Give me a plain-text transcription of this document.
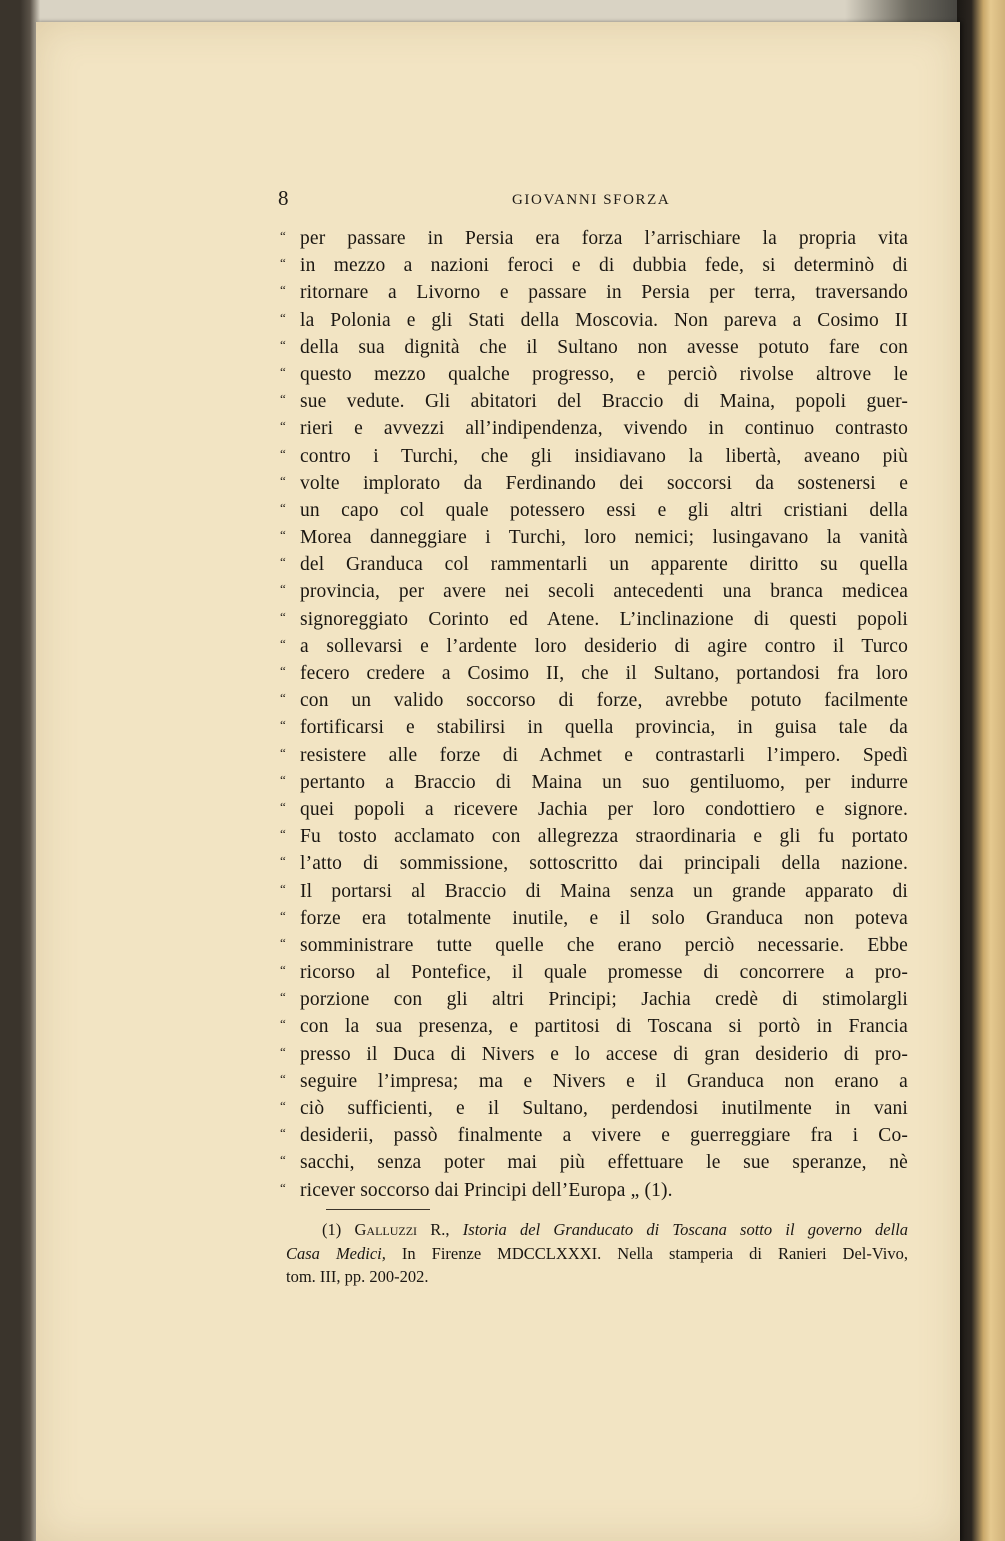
8	GIOVANNI SFORZA
“ per passare in Persia era forza l’arrischiare la propria vita
“ in mezzo a nazioni feroci e di dubbia fede, si determinò di
“ ritornare a Livorno e passare in Persia per terra, traversando
“ la Polonia e gli Stati della Moscovia. Non pareva a Cosimo II
“ della sua dignità che il Sultano non avesse potuto fare con
“ questo mezzo qualche progresso, e perciò rivolse altrove le
“ sue vedute. Gli abitatori del Braccio di Maina, popoli guer-
“ rieri e avvezzi all’indipendenza, vivendo in continuo contrasto
“ contro i Turchi, che gli insidiavano la libertà, aveano più
“ volte implorato da Ferdinando dei soccorsi da sostenersi e
“ un capo col quale potessero essi e gli altri cristiani della
“ Morea danneggiare i Turchi, loro nemici; lusingavano la vanità
“ del Granduca col rammentarli un apparente diritto su quella
“ provincia, per avere nei secoli antecedenti una branca medicea
“ signoreggiato Corinto ed Atene. L’inclinazione di questi popoli
“ a sollevarsi e l’ardente loro desiderio di agire contro il Turco
“ fecero credere a Cosimo II, che il Sultano, portandosi fra loro
“ con un valido soccorso di forze, avrebbe potuto facilmente
“ fortificarsi e stabilirsi in quella provincia, in guisa tale da
“ resistere alle forze di Achmet e contrastarli l’impero. Spedì
“ pertanto a Braccio di Maina un suo gentiluomo, per indurre
“ quei popoli a ricevere Jachia per loro condottiero e signore.
“ Fu tosto acclamato con allegrezza straordinaria e gli fu portato
“ l’atto di sommissione, sottoscritto dai principali della nazione.
“ Il portarsi al Braccio di Maina senza un grande apparato di
“ forze era totalmente inutile, e il solo Granduca non poteva
“ somministrare tutte quelle che erano perciò necessarie. Ebbe
“ ricorso al Pontefice, il quale promesse di concorrere a pro-
“ porzione con gli altri Principi; Jachia credè di stimolargli
“ con la sua presenza, e partitosi di Toscana si portò in Francia
“ presso il Duca di Nivers e lo accese di gran desiderio di pro-
“ seguire l’impresa; ma e Nivers e il Granduca non erano a
“ ciò sufficienti, e il Sultano, perdendosi inutilmente in vani
“ desiderii, passò finalmente a vivere e guerreggiare fra i Co-
“ sacchi, senza poter mai più effettuare le sue speranze, nè
“ ricever soccorso dai Principi dell’Europa „ (1).
(1) Galluzzi R., Istoria del Granducato di Toscana sotto il governo della
Casa Medici, In Firenze MDCCLXXXI. Nella stamperia di Ranieri Del-Vivo,
tom. III, pp. 200-202.
